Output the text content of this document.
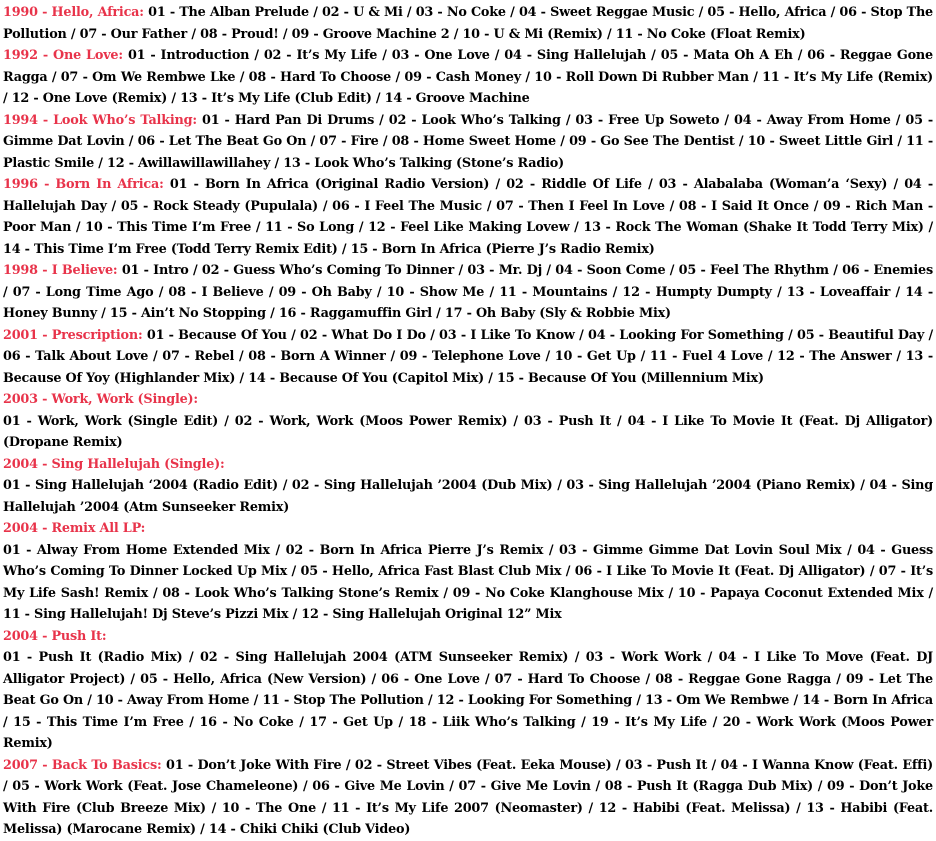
1990 - Hello, Africa: 01 - The Alban Prelude / 02 - U & Mi / 03 - No Coke / 04 - Sweet Reggae Music / 05 - Hello, Africa / 06 - Stop The Pollution / 07 - Our Father / 08 - Proud! / 09 - Groove Machine 2 / 10 - U & Mi (Remix) / 11 - No Coke (Float Remix)

1992 - One Love: 01 - Introduction / 02 - It’s My Life / 03 - One Love / 04 - Sing Hallelujah / 05 - Mata Oh A Eh / 06 - Reggae Gone Ragga / 07 - Om We Rembwe Lke / 08 - Hard To Choose / 09 - Cash Money / 10 - Roll Down Di Rubber Man / 11 - It’s My Life (Remix) / 12 - One Love (Remix) / 13 - It’s My Life (Club Edit) / 14 - Groove Machine

1994 - Look Who’s Talking: 01 - Hard Pan Di Drums / 02 - Look Who’s Talking / 03 - Free Up Soweto / 04 - Away From Home / 05 - Gimme Dat Lovin / 06 - Let The Beat Go On / 07 - Fire / 08 - Home Sweet Home / 09 - Go See The Dentist / 10 - Sweet Little Girl / 11 - Plastic Smile / 12 - Awillawillawillahey / 13 - Look Who’s Talking (Stone’s Radio)

1996 - Born In Africa: 01 - Born In Africa (Original Radio Version) / 02 - Riddle Of Life / 03 - Alabalaba (Woman’a ‘Sexy) / 04 - Hallelujah Day / 05 - Rock Steady (Pupulala) / 06 - I Feel The Music / 07 - Then I Feel In Love / 08 - I Said It Once / 09 - Rich Man - Poor Man / 10 - This Time I’m Free / 11 - So Long / 12 - Feel Like Making Lovew / 13 - Rock The Woman (Shake It Todd Terry Mix) / 14 - This Time I’m Free (Todd Terry Remix Edit) / 15 - Born In Africa (Pierre J’s Radio Remix)

1998 - I Believe: 01 - Intro / 02 - Guess Who’s Coming To Dinner / 03 - Mr. Dj / 04 - Soon Come / 05 - Feel The Rhythm / 06 - Enemies / 07 - Long Time Ago / 08 - I Believe / 09 - Oh Baby / 10 - Show Me / 11 - Mountains / 12 - Humpty Dumpty / 13 - Loveaffair / 14 - Honey Bunny / 15 - Ain’t No Stopping / 16 - Raggamuffin Girl / 17 - Oh Baby (Sly & Robbie Mix)

2001 - Prescription: 01 - Because Of You / 02 - What Do I Do / 03 - I Like To Know / 04 - Looking For Something / 05 - Beautiful Day / 06 - Talk About Love / 07 - Rebel / 08 - Born A Winner / 09 - Telephone Love / 10 - Get Up / 11 - Fuel 4 Love / 12 - The Answer / 13 - Because Of Yoy (Highlander Mix) / 14 - Because Of You (Capitol Mix) / 15 - Because Of You (Millennium Mix)

2003 - Work, Work (Single):
01 - Work, Work (Single Edit) / 02 - Work, Work (Moos Power Remix) / 03 - Push It / 04 - I Like To Movie It (Feat. Dj Alligator) (Dropane Remix)

2004 - Sing Hallelujah (Single):
01 - Sing Hallelujah ‘2004 (Radio Edit) / 02 - Sing Hallelujah ’2004 (Dub Mix) / 03 - Sing Hallelujah ’2004 (Piano Remix) / 04 - Sing Hallelujah ’2004 (Atm Sunseeker Remix)

2004 - Remix All LP:
01 - Alway From Home Extended Mix / 02 - Born In Africa Pierre J’s Remix / 03 - Gimme Gimme Dat Lovin Soul Mix / 04 - Guess Who’s Coming To Dinner Locked Up Mix / 05 - Hello, Africa Fast Blast Club Mix / 06 - I Like To Movie It (Feat. Dj Alligator) / 07 - It’s My Life Sash! Remix / 08 - Look Who’s Talking Stone’s Remix / 09 - No Coke Klanghouse Mix / 10 - Papaya Coconut Extended Mix / 11 - Sing Hallelujah! Dj Steve’s Pizzi Mix / 12 - Sing Hallelujah Original 12” Mix

2004 - Push It:
01 - Push It (Radio Mix) / 02 - Sing Hallelujah 2004 (ATM Sunseeker Remix) / 03 - Work Work / 04 - I Like To Move (Feat. DJ Alligator Project) / 05 - Hello, Africa (New Version) / 06 - One Love / 07 - Hard To Choose / 08 - Reggae Gone Ragga / 09 - Let The Beat Go On / 10 - Away From Home / 11 - Stop The Pollution / 12 - Looking For Something / 13 - Om We Rembwe / 14 - Born In Africa / 15 - This Time I’m Free / 16 - No Coke / 17 - Get Up / 18 - Liik Who’s Talking / 19 - It’s My Life / 20 - Work Work (Moos Power Remix)

2007 - Back To Basics: 01 - Don’t Joke With Fire / 02 - Street Vibes (Feat. Eeka Mouse) / 03 - Push It / 04 - I Wanna Know (Feat. Effi) / 05 - Work Work (Feat. Jose Chameleone) / 06 - Give Me Lovin / 07 - Give Me Lovin / 08 - Push It (Ragga Dub Mix) / 09 - Don’t Joke With Fire (Club Breeze Mix) / 10 - The One / 11 - It’s My Life 2007 (Neomaster) / 12 - Habibi (Feat. Melissa) / 13 - Habibi (Feat. Melissa) (Marocane Remix) / 14 - Chiki Chiki (Club Video)
